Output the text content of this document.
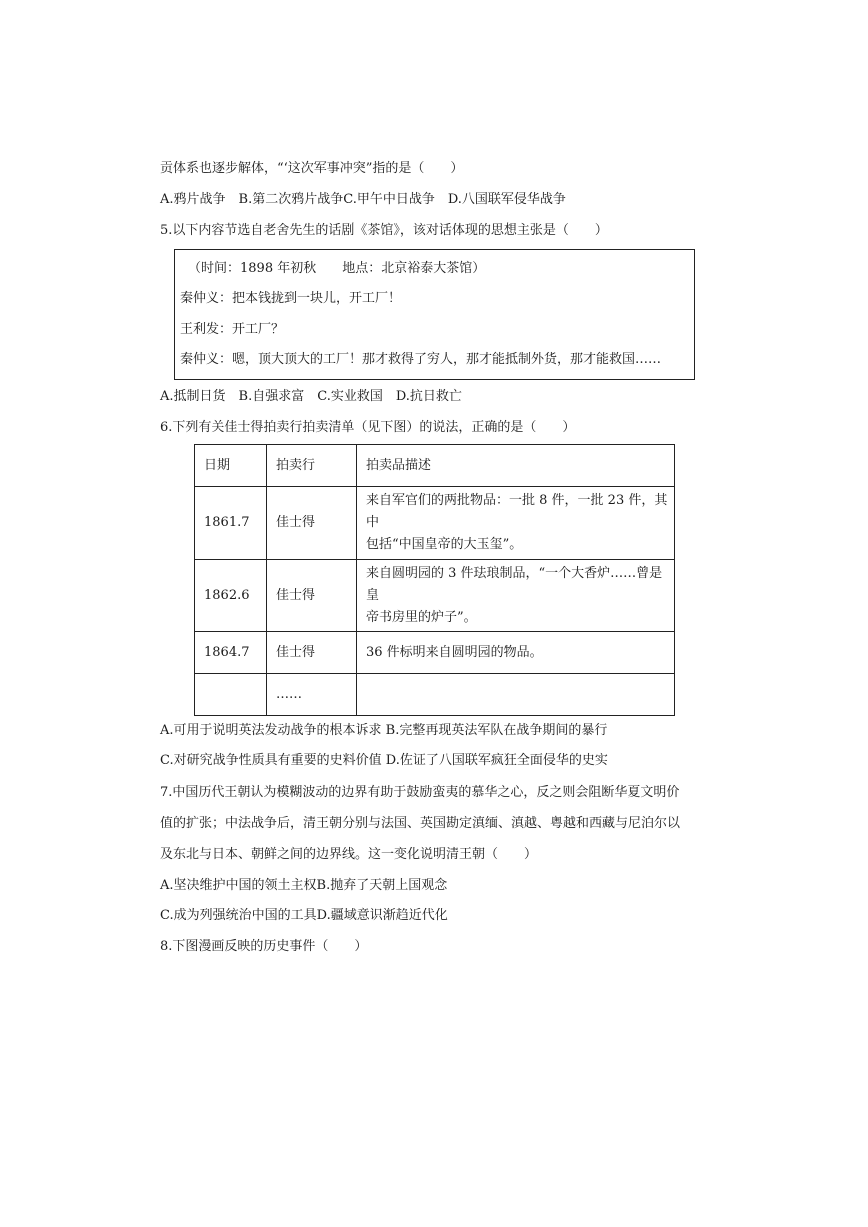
贡体系也逐步解体，“‘这次军事冲突”指的是（　　）
A.鸦片战争　B.第二次鸦片战争C.甲午中日战争　D.八国联军侵华战争
5.以下内容节选自老舍先生的话剧《茶馆》，该对话体现的思想主张是（　　）
（时间：1898 年初秋　　地点：北京裕泰大茶馆）
秦仲义：把本钱拢到一块儿，开工厂！
王利发：开工厂？
秦仲义：嗯，顶大顶大的工厂！那才救得了穷人，那才能抵制外货，那才能救国……
A.抵制日货　B.自强求富　C.实业救国　D.抗日救亡
6.下列有关佳士得拍卖行拍卖清单（见下图）的说法，正确的是（　　）
日期	拍卖行	拍卖品描述
1861.7	佳士得	来自军官们的两批物品：一批 8 件，一批 23 件，其中
包括“中国皇帝的大玉玺”。

1862.6	佳士得	来自圆明园的 3 件珐琅制品，“一个大香炉……曾是皇
帝书房里的炉子”。

1864.7	佳士得	36 件标明来自圆明园的物品。
	……	
A.可用于说明英法发动战争的根本诉求 B.完整再现英法军队在战争期间的暴行
C.对研究战争性质具有重要的史料价值 D.佐证了八国联军疯狂全面侵华的史实
7.中国历代王朝认为模糊波动的边界有助于鼓励蛮夷的慕华之心，反之则会阻断华夏文明价
值的扩张；中法战争后，清王朝分别与法国、英国勘定滇缅、滇越、粤越和西藏与尼泊尔以
及东北与日本、朝鲜之间的边界线。这一变化说明清王朝（　　）
A.坚决维护中国的领土主权B.抛弃了天朝上国观念
C.成为列强统治中国的工具D.疆域意识渐趋近代化
8.下图漫画反映的历史事件（　　）
